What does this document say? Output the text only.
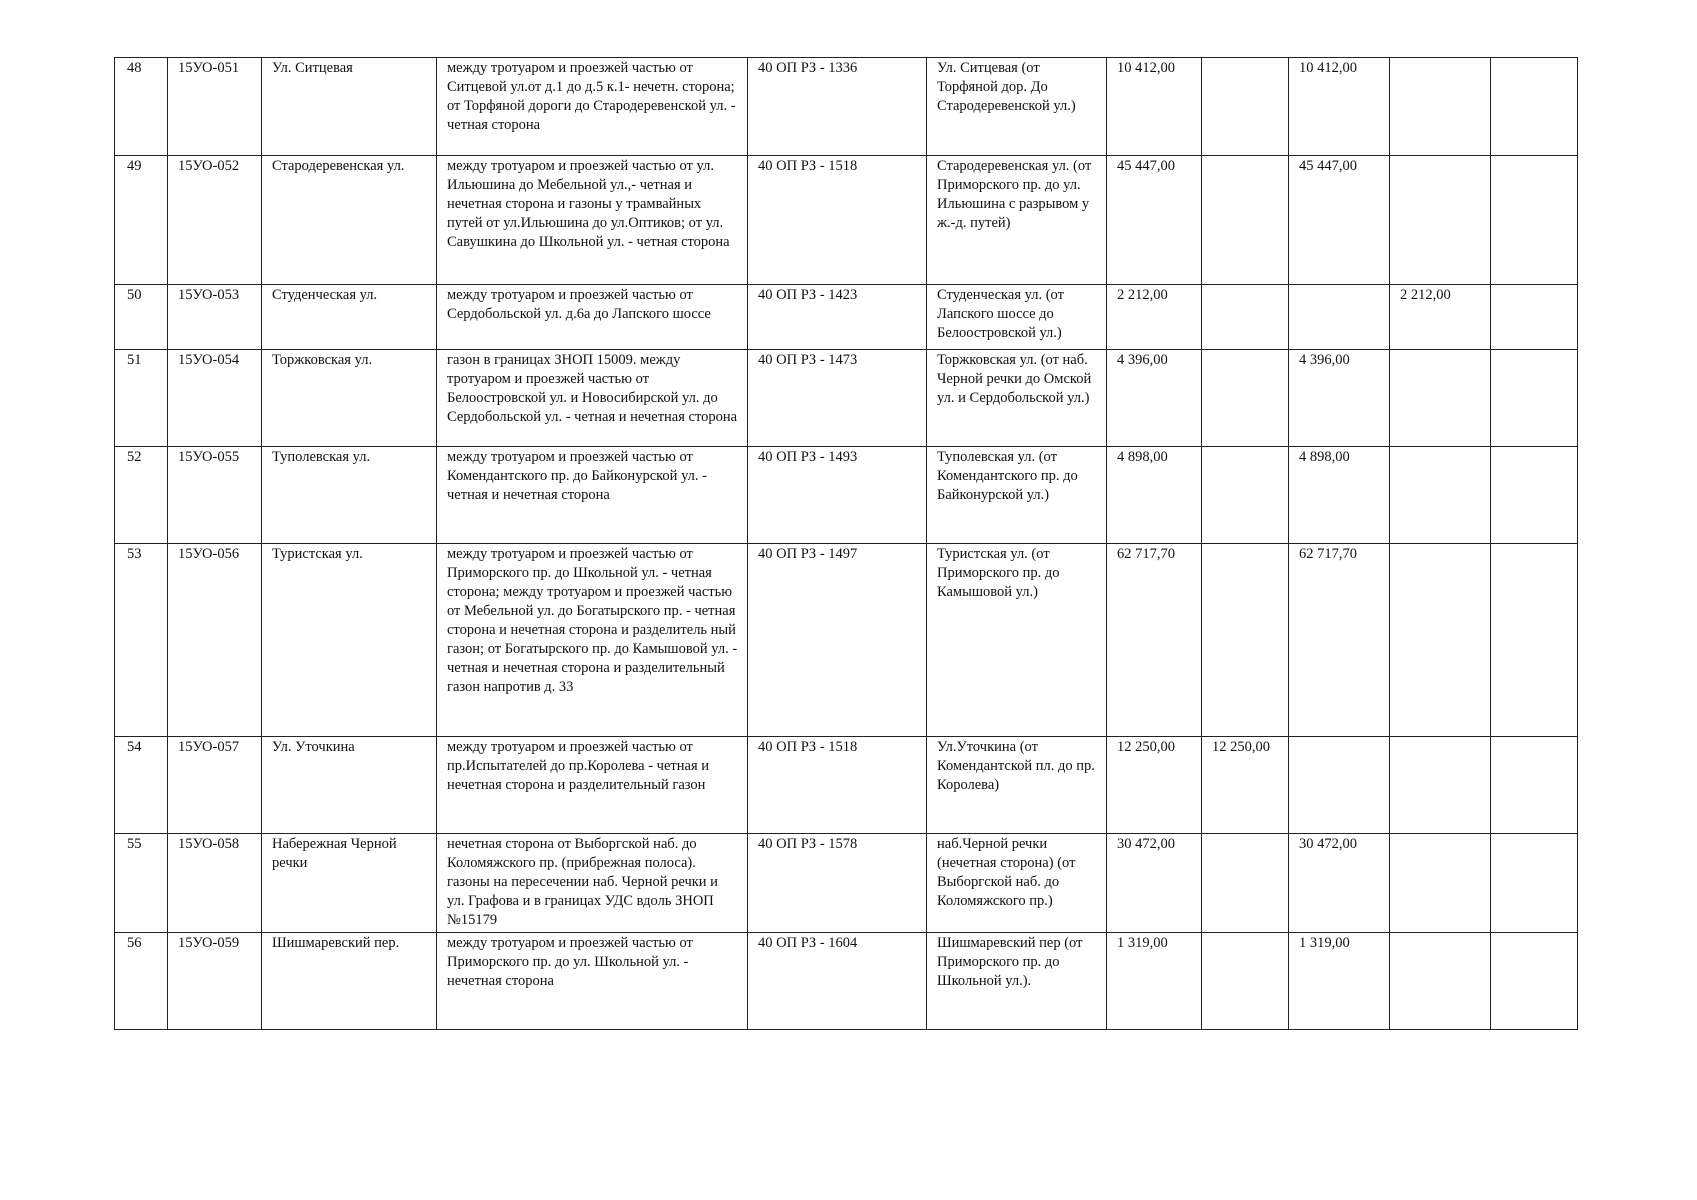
48	15УО-051	Ул. Ситцевая	между тротуаром и проезжей частью от Ситцевой ул.от д.1 до д.5 к.1- нечетн. сторона; от Торфяной дороги до Стародеревенской ул. - четная сторона	40 ОП РЗ - 1336	Ул. Ситцевая (от Торфяной дор. До Стародеревенской ул.)	10 412,00		10 412,00		
49	15УО-052	Стародеревенская ул.	между тротуаром и проезжей частью от ул. Ильюшина до Мебельной ул.,- четная и нечетная сторона и газоны у трамвайных путей от ул.Ильюшина до ул.Оптиков; от ул. Савушкина до Школьной ул. - четная сторона	40 ОП РЗ - 1518	Стародеревенская ул. (от Приморского пр. до ул. Ильюшина с разрывом у ж.-д. путей)	45 447,00		45 447,00		
50	15УО-053	Студенческая ул.	между тротуаром и проезжей частью от Сердобольской ул. д.6а до Лапского шоссе	40 ОП РЗ - 1423	Студенческая ул. (от Лапского шоссе до Белоостровской ул.)	2 212,00			2 212,00	
51	15УО-054	Торжковская ул.	газон в границах ЗНОП 15009. между тротуаром и проезжей частью от Белоостровской ул. и Новосибирской ул. до Сердобольской ул. - четная и нечетная сторона	40 ОП РЗ - 1473	Торжковская ул. (от наб. Черной речки до Омской ул. и Сердобольской ул.)	4 396,00		4 396,00		
52	15УО-055	Туполевская ул.	между тротуаром и проезжей частью от Комендантского пр. до Байконурской ул. - четная и нечетная сторона	40 ОП РЗ - 1493	Туполевская ул. (от Комендантского пр. до Байконурской ул.)	4 898,00		4 898,00		
53	15УО-056	Туристская ул.	между тротуаром и проезжей частью от Приморского пр. до Школьной ул. - четная сторона; между тротуаром и проезжей частью от Мебельной ул. до Богатырского пр. - четная сторона и нечетная сторона и разделитель ный газон; от Богатырского пр. до Камышовой ул. - четная и нечетная сторона и разделительный газон напротив д. 33	40 ОП РЗ - 1497	Туристская ул. (от Приморского пр. до Камышовой ул.)	62 717,70		62 717,70		
54	15УО-057	Ул. Уточкина	между тротуаром и проезжей частью от пр.Испытателей до пр.Королева - четная и нечетная сторона и разделительный газон	40 ОП РЗ - 1518	Ул.Уточкина (от Комендантской пл. до пр. Королева)	12 250,00	12 250,00			
55	15УО-058	Набережная Черной речки	нечетная сторона от Выборгской наб. до Коломяжского пр. (прибрежная полоса). газоны на пересечении наб. Черной речки и ул. Графова и в границах УДС вдоль ЗНОП №15179	40 ОП РЗ - 1578	наб.Черной речки (нечетная сторона) (от Выборгской наб. до Коломяжского пр.)	30 472,00		30 472,00		
56	15УО-059	Шишмаревский пер.	между тротуаром и проезжей частью от Приморского пр. до ул. Школьной ул. - нечетная сторона	40 ОП РЗ - 1604	Шишмаревский пер (от Приморского пр. до Школьной ул.).	1 319,00		1 319,00		
